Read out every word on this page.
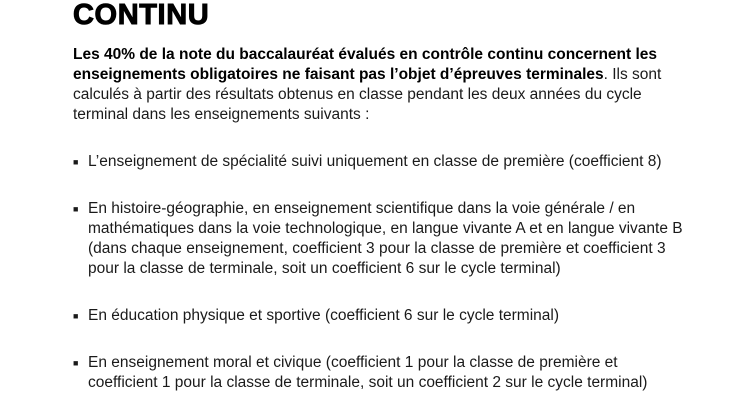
CONTINU

Les 40% de la note du baccalauréat évalués en contrôle continu concernent les enseignements obligatoires ne faisant pas l’objet d’épreuves terminales. Ils sont calculés à partir des résultats obtenus en classe pendant les deux années du cycle terminal dans les enseignements suivants :

■ L’enseignement de spécialité suivi uniquement en classe de première (coefficient 8)
■ En histoire-géographie, en enseignement scientifique dans la voie générale / en mathématiques dans la voie technologique, en langue vivante A et en langue vivante B (dans chaque enseignement, coefficient 3 pour la classe de première et coefficient 3 pour la classe de terminale, soit un coefficient 6 sur le cycle terminal)
■ En éducation physique et sportive (coefficient 6 sur le cycle terminal)
■ En enseignement moral et civique (coefficient 1 pour la classe de première et coefficient 1 pour la classe de terminale, soit un coefficient 2 sur le cycle terminal)
